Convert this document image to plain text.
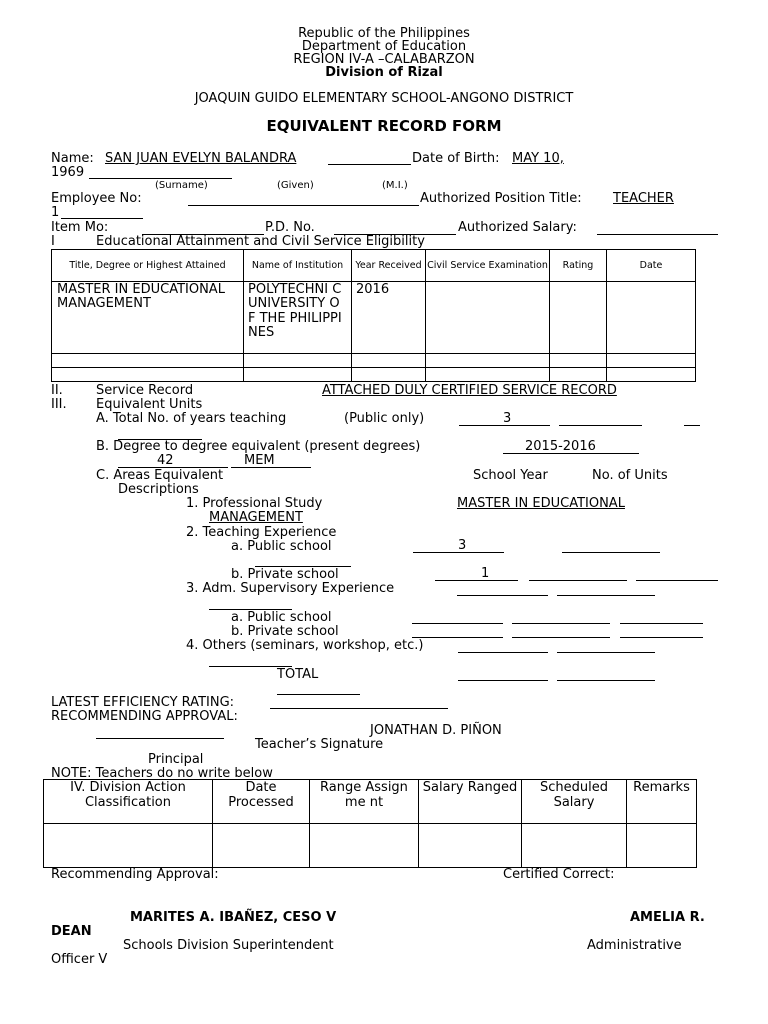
Republic of the Philippines
Department of Education
REGION IV-A –CALABARZON
Division of Rizal
JOAQUIN GUIDO ELEMENTARY SCHOOL-ANGONO DISTRICT
EQUIVALENT RECORD FORM
Name: SAN JUAN EVELYN BALANDRA	Date of Birth: MAY 10,
1969
(Surname)	(Given)	(M.I.)
Employee No:	Authorized Position Title: TEACHER
1
Item Mo:	P.D. No.	Authorized Salary:
I	Educational Attainment and Civil Service Eligibility
Title, Degree or Highest Attained	Name of Institution	Year Received	Civil Service Examination	Rating	Date
MASTER IN EDUCATIONAL MANAGEMENT	POLYTECHNI C UNIVERSITY OF THE PHILIPPINES	2016			

II.	Service Record	ATTACHED DULY CERTIFIED SERVICE RECORD
III. Equivalent Units
A. Total No. of years teaching	(Public only)	3
B. Degree to degree equivalent (present degrees)	2015-2016
42	MEM
C. Areas Equivalent	School Year	No. of Units
Descriptions
1. Professional Study	MASTER IN EDUCATIONAL
MANAGEMENT
2. Teaching Experience
a. Public school	3
b. Private school	1
3. Adm. Supervisory Experience
a. Public school
b. Private school
4. Others (seminars, workshop, etc.)
TOTAL
LATEST EFFICIENCY RATING:
RECOMMENDING APPROVAL:
JONATHAN D. PIÑON
Teacher’s Signature
Principal
NOTE: Teachers do no write below
IV. Division Action Classification	Date Processed	Range Assignme nt	Salary Ranged	Scheduled Salary	Remarks

Recommending Approval:	Certified Correct:
MARITES A. IBAÑEZ, CESO V	AMELIA R.
DEAN
Schools Division Superintendent	Administrative
Officer V
